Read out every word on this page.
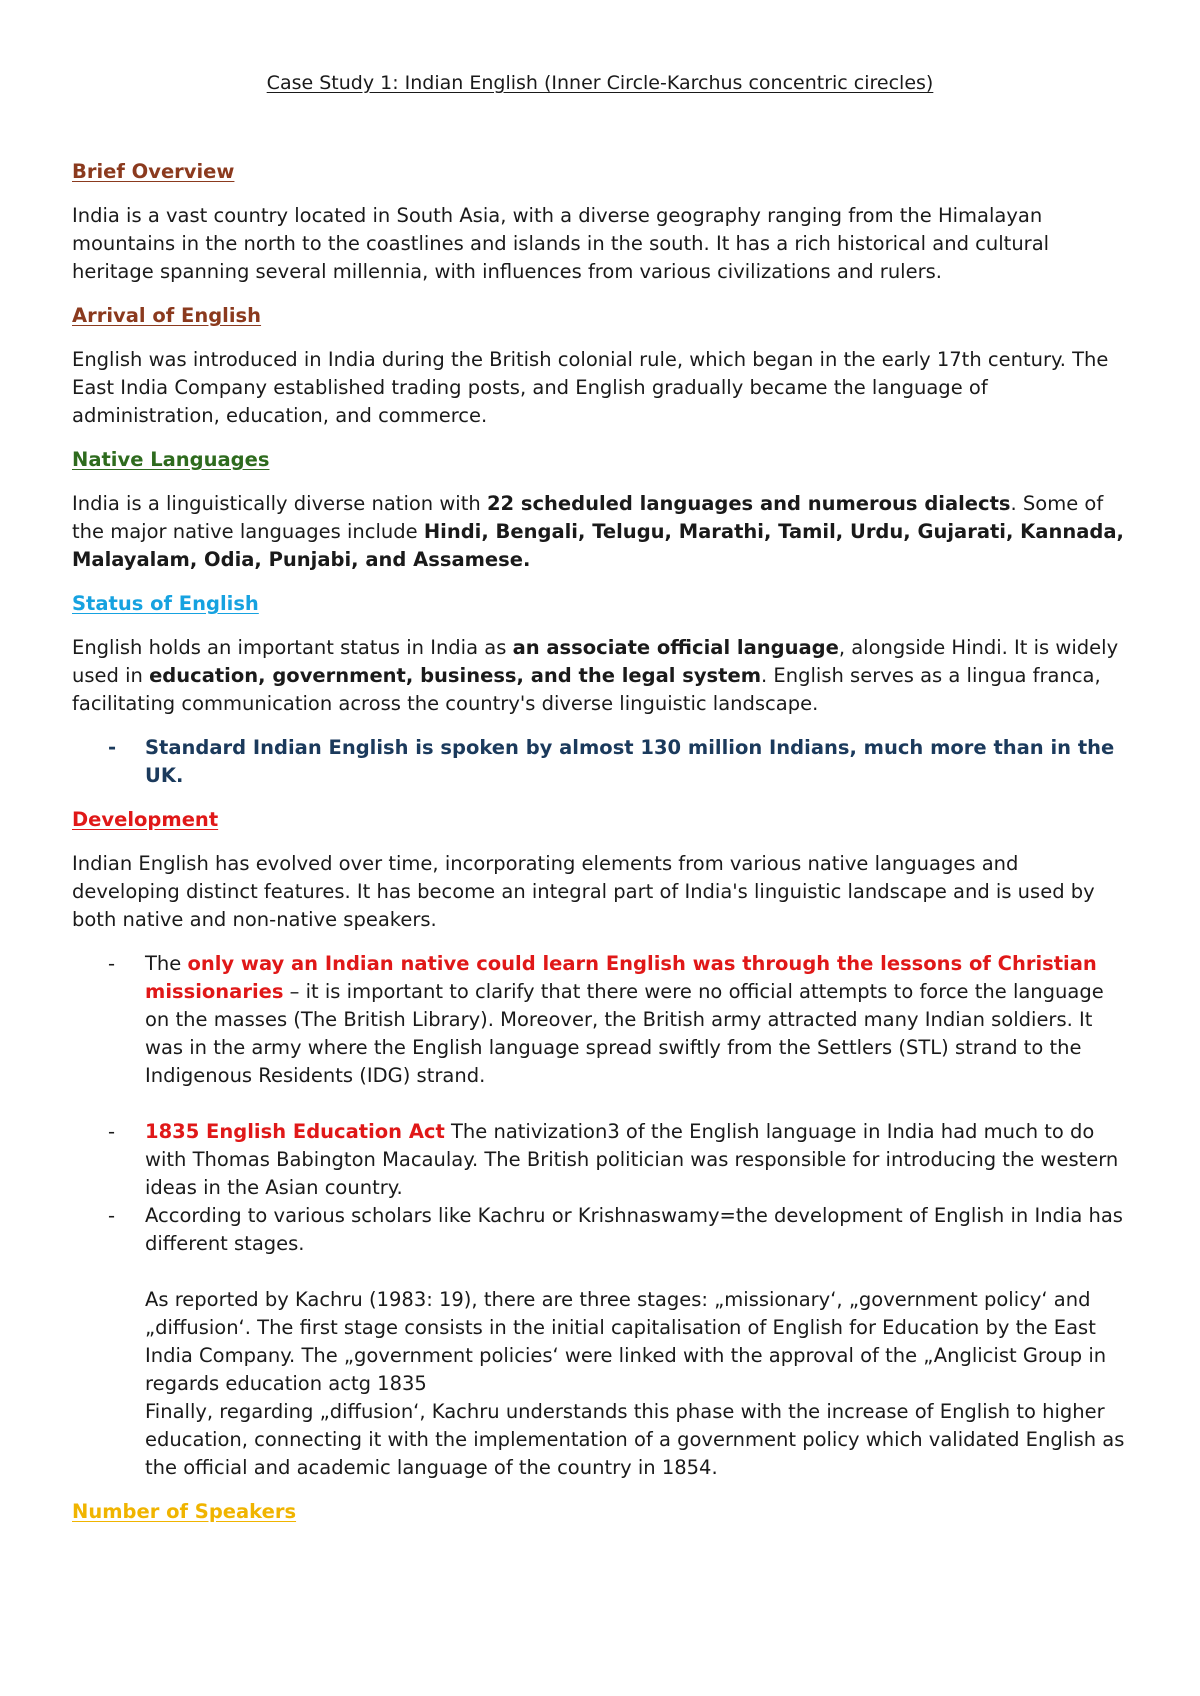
Case Study 1: Indian English (Inner Circle-Karchus concentric cirecles)
Brief Overview

India is a vast country located in South Asia, with a diverse geography ranging from the Himalayan mountains in the north to the coastlines and islands in the south. It has a rich historical and cultural heritage spanning several millennia, with influences from various civilizations and rulers.

Arrival of English

English was introduced in India during the British colonial rule, which began in the early 17th century. The East India Company established trading posts, and English gradually became the language of administration, education, and commerce.

Native Languages

India is a linguistically diverse nation with 22 scheduled languages and numerous dialects. Some of the major native languages include Hindi, Bengali, Telugu, Marathi, Tamil, Urdu, Gujarati, Kannada, Malayalam, Odia, Punjabi, and Assamese.

Status of English

English holds an important status in India as an associate official language, alongside Hindi. It is widely used in education, government, business, and the legal system. English serves as a lingua franca, facilitating communication across the country's diverse linguistic landscape.

- Standard Indian English is spoken by almost 130 million Indians, much more than in the UK.
Development

Indian English has evolved over time, incorporating elements from various native languages and developing distinct features. It has become an integral part of India's linguistic landscape and is used by both native and non-native speakers.

- The only way an Indian native could learn English was through the lessons of Christian missionaries – it is important to clarify that there were no official attempts to force the language on the masses (The British Library). Moreover, the British army attracted many Indian soldiers. It was in the army where the English language spread swiftly from the Settlers (STL) strand to the Indigenous Residents (IDG) strand.
- 1835 English Education Act The nativization3 of the English language in India had much to do with Thomas Babington Macaulay. The British politician was responsible for introducing the western ideas in the Asian country.
- According to various scholars like Kachru or Krishnaswamy=the development of English in India has different stages.
As reported by Kachru (1983: 19), there are three stages: „missionary‘, „government policy‘ and „diffusion‘. The first stage consists in the initial capitalisation of English for Education by the East India Company. The „government policies‘ were linked with the approval of the „Anglicist Group in regards education actg 1835
Finally, regarding „diffusion‘, Kachru understands this phase with the increase of English to higher education, connecting it with the implementation of a government policy which validated English as the official and academic language of the country in 1854.
Number of Speakers
